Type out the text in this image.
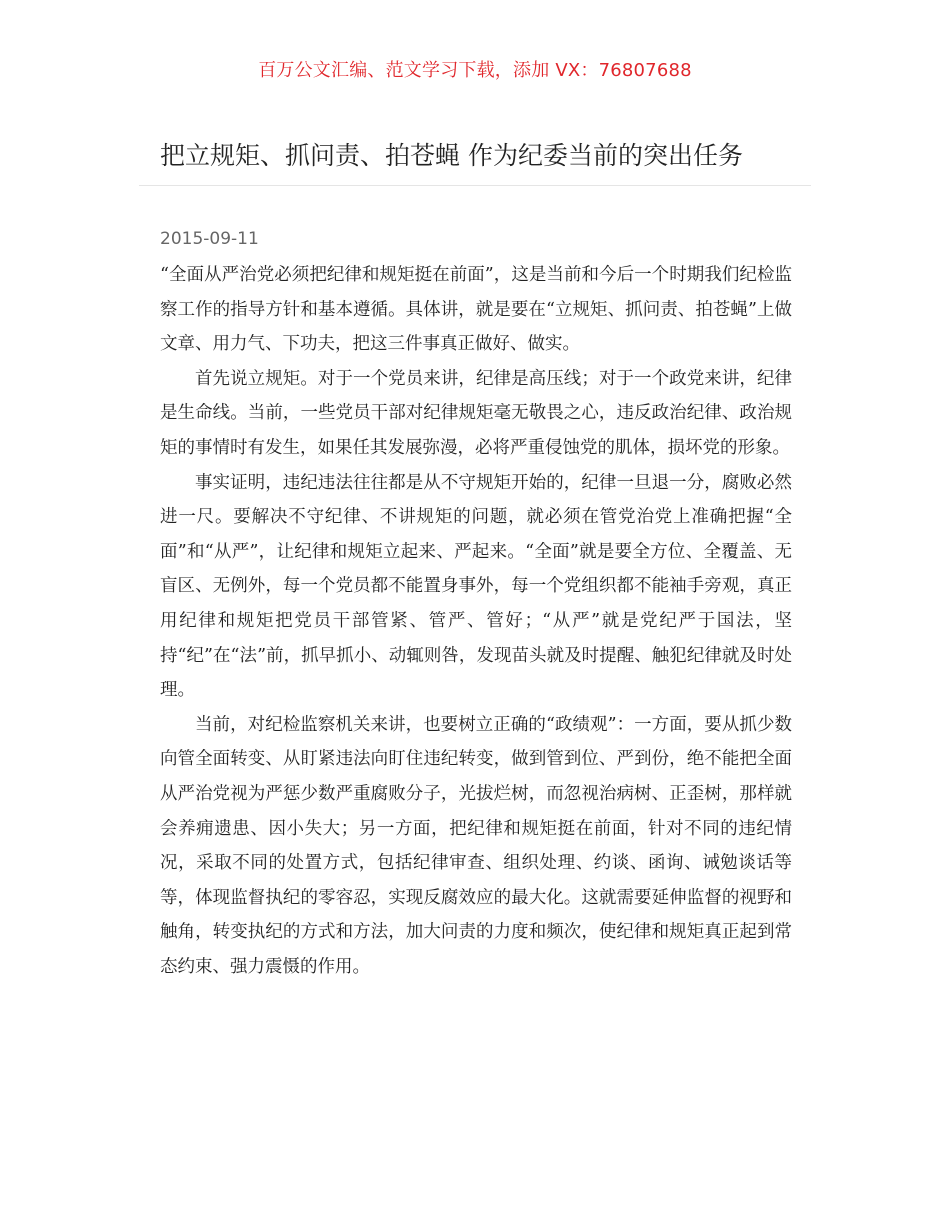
百万公文汇编、范文学习下载，添加 VX：76807688
把立规矩、抓问责、拍苍蝇 作为纪委当前的突出任务
2015-09-11

“全面从严治党必须把纪律和规矩挺在前面”，这是当前和今后一个时期我们纪检监察工作的指导方针和基本遵循。具体讲，就是要在“立规矩、抓问责、拍苍蝇”上做文章、用力气、下功夫，把这三件事真正做好、做实。

首先说立规矩。对于一个党员来讲，纪律是高压线；对于一个政党来讲，纪律是生命线。当前，一些党员干部对纪律规矩毫无敬畏之心，违反政治纪律、政治规矩的事情时有发生，如果任其发展弥漫，必将严重侵蚀党的肌体，损坏党的形象。

事实证明，违纪违法往往都是从不守规矩开始的，纪律一旦退一分，腐败必然进一尺。要解决不守纪律、不讲规矩的问题，就必须在管党治党上准确把握“全面”和“从严”，让纪律和规矩立起来、严起来。“全面”就是要全方位、全覆盖、无盲区、无例外，每一个党员都不能置身事外，每一个党组织都不能袖手旁观，真正用纪律和规矩把党员干部管紧、管严、管好；“从严”就是党纪严于国法，坚持“纪”在“法”前，抓早抓小、动辄则咎，发现苗头就及时提醒、触犯纪律就及时处理。

当前，对纪检监察机关来讲，也要树立正确的“政绩观”：一方面，要从抓少数向管全面转变、从盯紧违法向盯住违纪转变，做到管到位、严到份，绝不能把全面从严治党视为严惩少数严重腐败分子，光拔烂树，而忽视治病树、正歪树，那样就会养痈遗患、因小失大；另一方面，把纪律和规矩挺在前面，针对不同的违纪情况，采取不同的处置方式，包括纪律审查、组织处理、约谈、函询、诫勉谈话等等，体现监督执纪的零容忍，实现反腐效应的最大化。这就需要延伸监督的视野和触角，转变执纪的方式和方法，加大问责的力度和频次，使纪律和规矩真正起到常态约束、强力震慑的作用。
